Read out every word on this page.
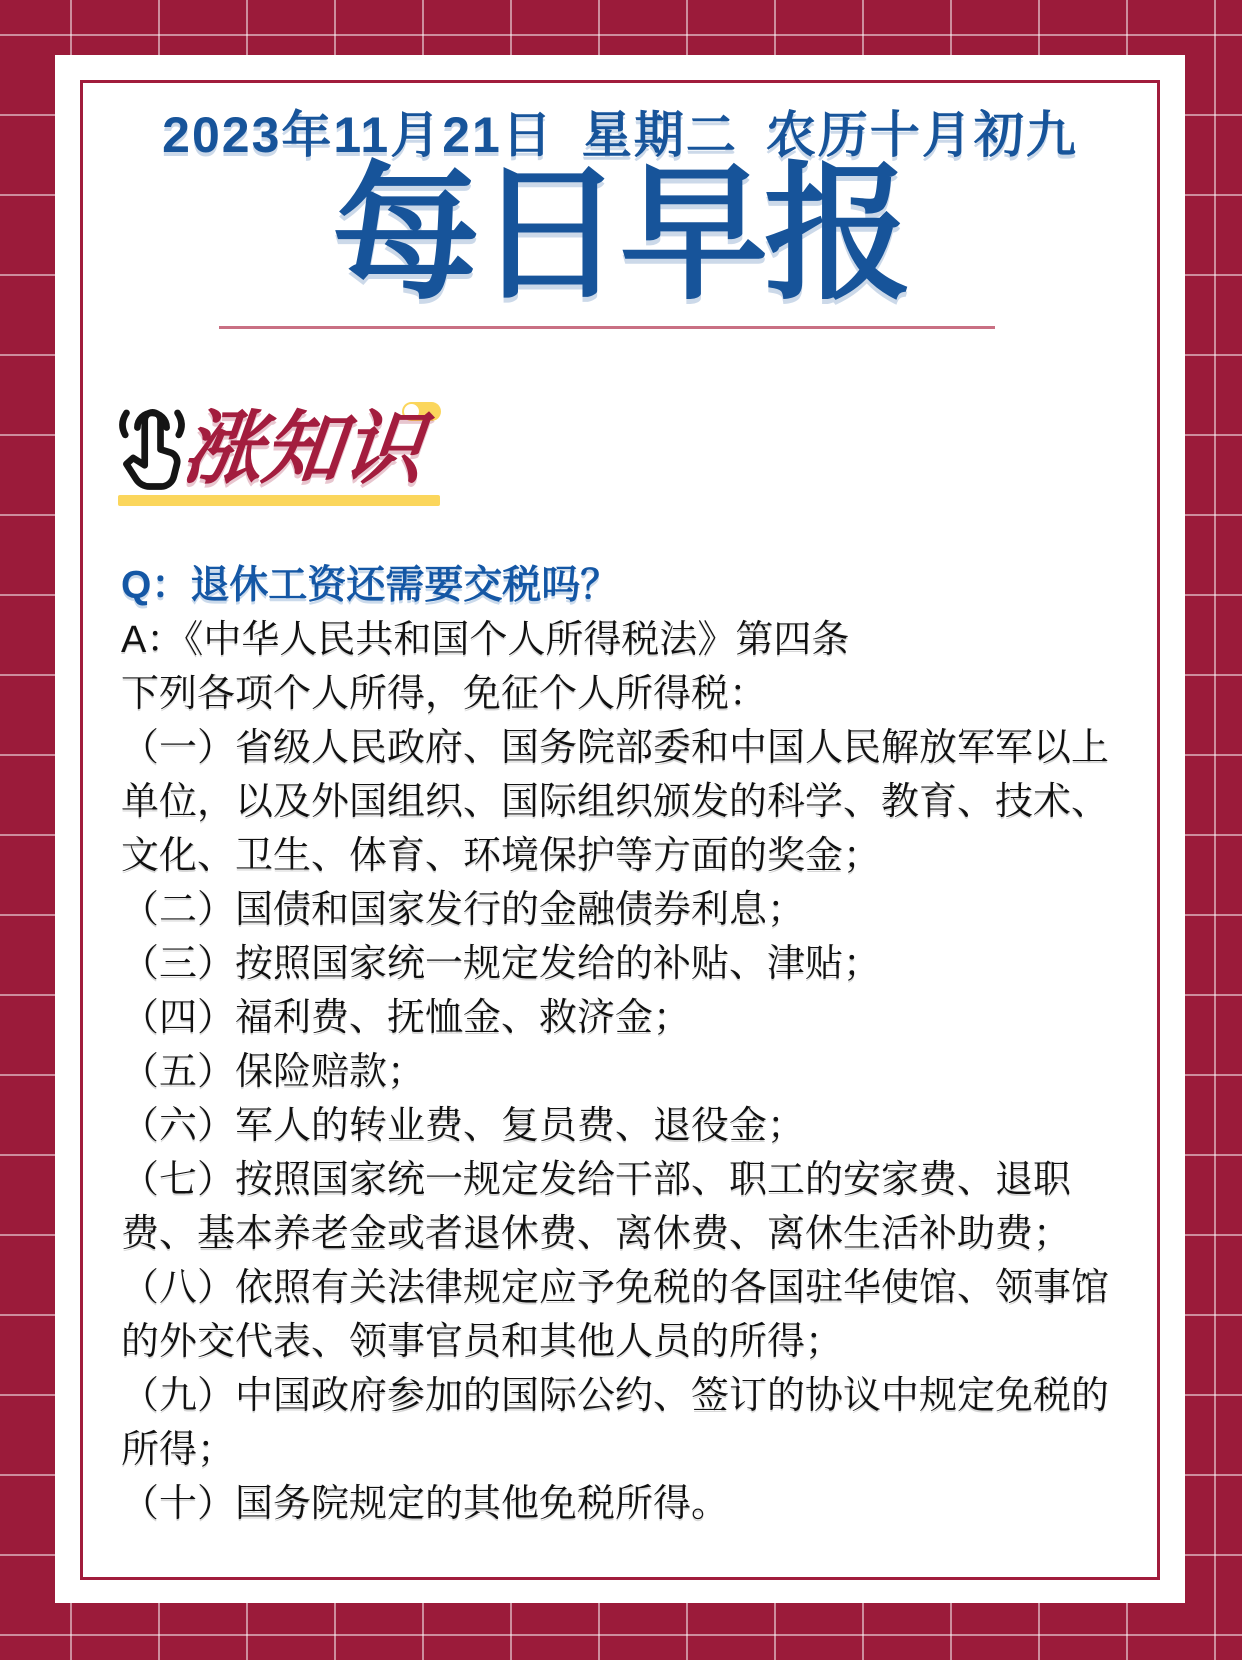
2023年11月21日 星期二 农历十月初九
每日早报
涨知识

Q：退休工资还需要交税吗？

A：《中华人民共和国个人所得税法》第四条

下列各项个人所得，免征个人所得税：

（一）省级人民政府、国务院部委和中国人民解放军军以上单位，以及外国组织、国际组织颁发的科学、教育、技术、文化、卫生、体育、环境保护等方面的奖金；

（二）国债和国家发行的金融债券利息；

（三）按照国家统一规定发给的补贴、津贴；

（四）福利费、抚恤金、救济金；

（五）保险赔款；

（六）军人的转业费、复员费、退役金；

（七）按照国家统一规定发给干部、职工的安家费、退职费、基本养老金或者退休费、离休费、离休生活补助费；

（八）依照有关法律规定应予免税的各国驻华使馆、领事馆的外交代表、领事官员和其他人员的所得；

（九）中国政府参加的国际公约、签订的协议中规定免税的所得；

（十）国务院规定的其他免税所得。
